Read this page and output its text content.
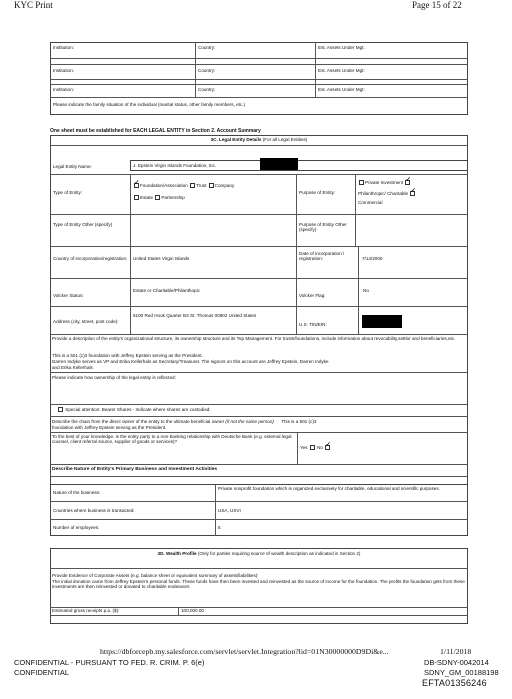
KYC Print	Page 15 of 22
Institution:	Country:	Est. Assets Under Mgt:
Institution:	Country:	Est. Assets Under Mgt:
Institution:	Country:	Est. Assets Under Mgt:
Please indicate the family situation of the individual (marital status, other family members, etc.)
One sheet must be established for EACH LEGAL ENTITY in Section 2. Account Summary
3C. Legal Entity Details (For all Legal Entities)
Legal Entity Name:	J. Epstein Virgin Islands Foundation, Inc.
Type of Entity:
✓Foundation/Association Trust Company
Estate Partnership
Purpose of Entity:
Private Investment ✓
Philanthropic/ Charitable ✓
Commercial
Type of Entity Other (specify)	Purpose of Entity Other (specify)
Country of incorporation/registration:	United States Virgin Islands
Date of incorporation / registration:	7/14/2000
Volcker Status:
Estate or Charitable/Philanthopic
Volcker Flag:
No
Address (city, street, post code):
6100 Red Hook Quarter B3 St. Thomas 00802 United States
U.S. TIN/EIN:
Provide a description of the entity's organizational structure, its ownership structure and its Top Management. For trusts/foundations, include information about revocability,settlor and beneficiaries,etc.
This is a 501 (c)3 foundation with Jeffrey Epstein serving as the President.
Darren Indyke serves as VP and Erika Kellerhals as Secretary/Treasurer. The signors on this account are Jeffrey Epstein, Darren Indyke
and Erika Kellerhals
Please indicate how ownership of the legal entity is reflected:
Special attention: Bearer Shares - Indicate where shares are custodied:
Describe the chain from the direct owner of the entity to the ultimate beneficial owner (if not the same person) This is a 501 (c)3
foundation with Jeffrey Epstein serving as the President.
To the best of your knowledge, is the entity party to a non-banking relationship with Deutsche Bank (e.g. external legal counsel, client referral source, supplier of goods or services)?
Yes No ✓
Describe Nature of Entity's Primary Business and Investment Activities
Nature of the business:
Private nonprofit foundation which is organized exclusively for charitable, educational and scientific purposes.
Countries where business is transacted:	USA, USVI
Number of employees:	5
3D. Wealth Profile (Only for parties requiring source of wealth description as indicated in Section 2)
Provide Evidence of Corporate Assets (e.g. balance sheet or equivalent summary of assets/liabilities):
The initial donation came from Jeffrey Epstein's personal funds. These funds have then been invested and reinvested as the source of income for the foundation. The profits the foundation gets from these investments are then reinvested or donated to charitable endeavors
Estimated gross receipts p.a. ($):	100,000.00
https://dbforcepb.my.salesforce.com/servlet/servlet.Integration?lid=01N30000000D9Di&e...	1/11/2018
CONFIDENTIAL - PURSUANT TO FED. R. CRIM. P. 6(e)	DB-SDNY-0042014
CONFIDENTIAL	SDNY_GM_00188198
EFTA01356246
